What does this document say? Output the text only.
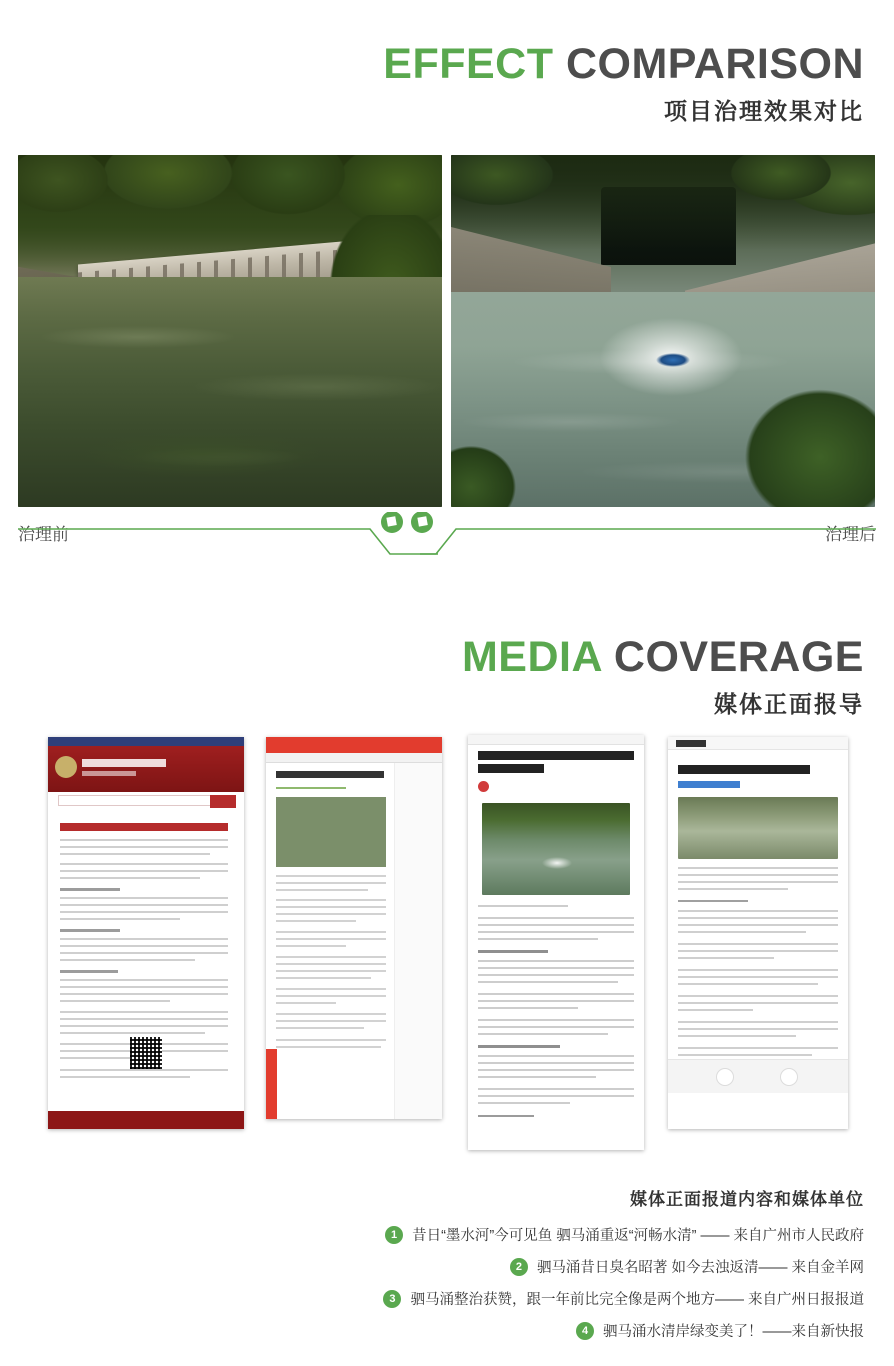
EFFECT COMPARISON
项目治理效果对比
治理前	治理后
MEDIA COVERAGE
媒体正面报导
媒体正面报道内容和媒体单位
1	昔日“墨水河”今可见鱼 驷马涌重返“河畅水清” —— 来自广州市人民政府
2	驷马涌昔日臭名昭著 如今去浊返清—— 来自金羊网
3	驷马涌整治获赞，跟一年前比完全像是两个地方—— 来自广州日报报道
4	驷马涌水清岸绿变美了！——来自新快报
